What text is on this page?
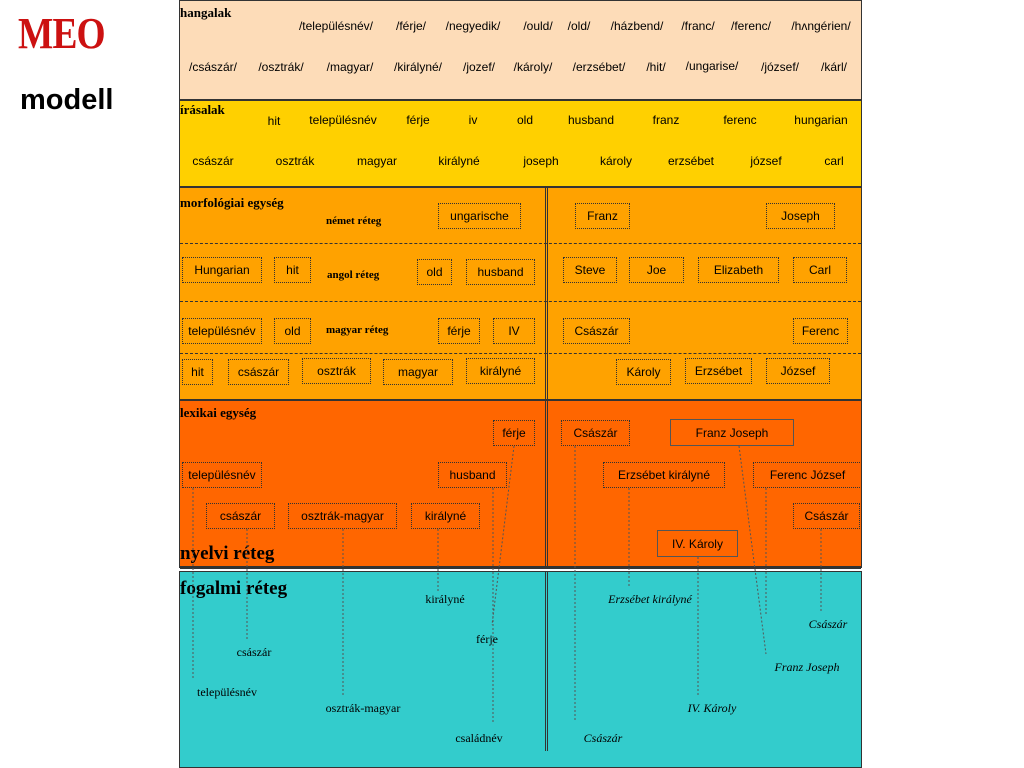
MEO
modell
hangalak
írásalak
morfológiai egység
lexikai egység
nyelvi réteg
fogalmi réteg
/településnév/ /férje/ /negyedik/ /ould/ /old/ /házbend/ /franc/ /ferenc/ /hʌngérien/
/császár/ /osztrák/ /magyar/ /királyné/ /jozef/ /károly/ /erzsébet/ /hit/ /ungarise/ /józsef/ /kárl/
hit településnév férje	iv	old	husband	franz	ferenc	hungarian
császár	osztrák	magyar	királyné	joseph	károly	erzsébet	józsef	carl
német réteg
angol réteg
magyar réteg
ungarische	Franz	Joseph
Hungarian	hit	old	husband	Steve	Joe	Elizabeth	Carl
településnév	old	férje	IV	Császár	Ferenc
hit	császár	osztrák	magyar	királyné	Károly	Erzsébet	József
férje	Császár	Franz Joseph
településnév	husband	Erzsébet királyné	Ferenc József
császár	osztrák-magyar	királyné	Császár
IV. Károly
királyné
férje
császár
településnév
osztrák-magyar
családnév
Erzsébet királyné
Császár
Franz Joseph
IV. Károly
Császár
